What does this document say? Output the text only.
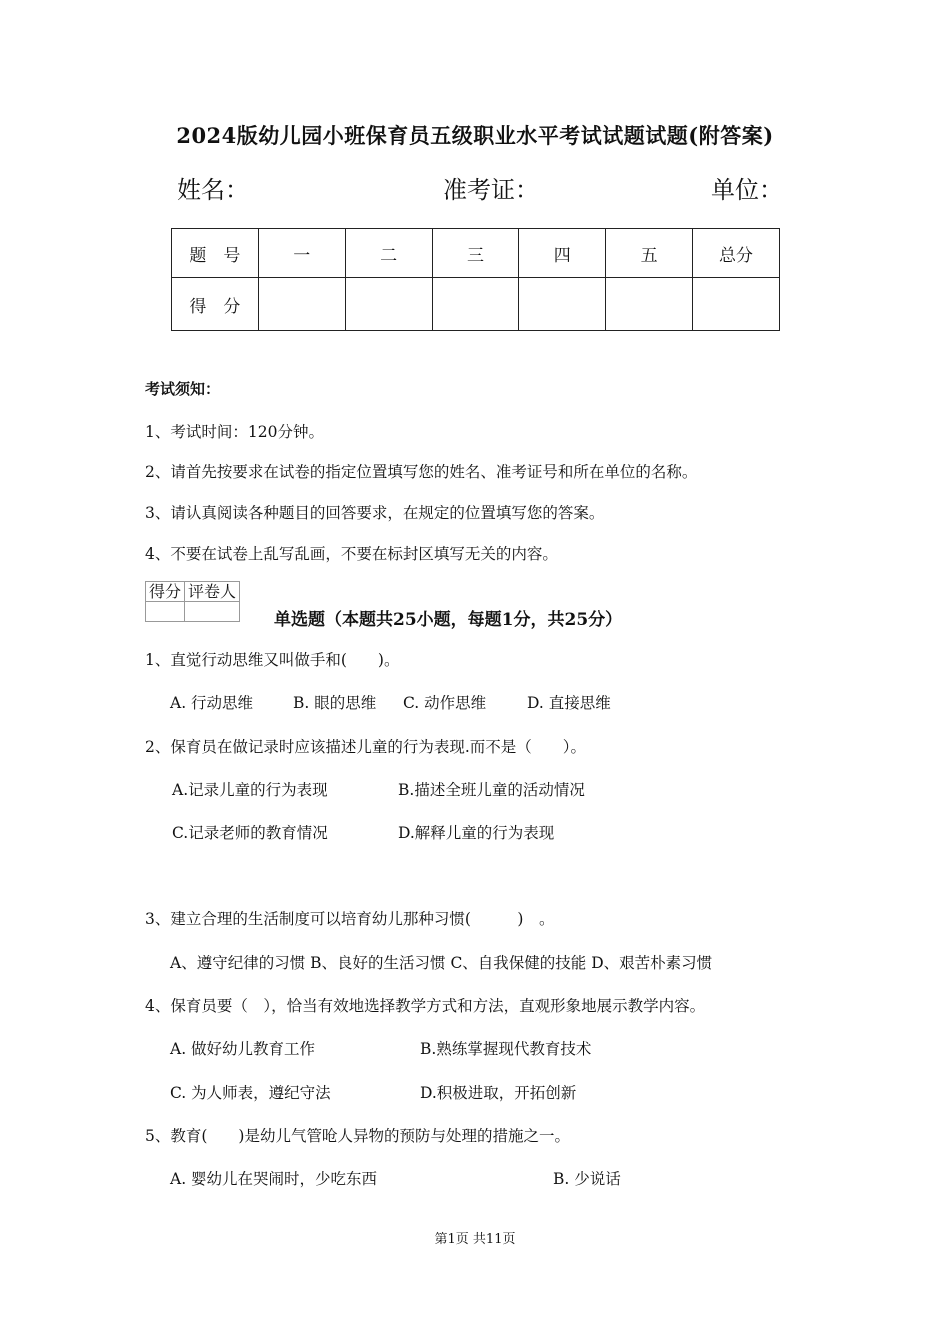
2024版幼儿园小班保育员五级职业水平考试试题试题(附答案)
姓名：	准考证：	单位：
题　号	一	二	三	四	五	总分
得　分						
考试须知：
1、考试时间：120分钟。
2、请首先按要求在试卷的指定位置填写您的姓名、准考证号和所在单位的名称。
3、请认真阅读各种题目的回答要求，在规定的位置填写您的答案。
4、不要在试卷上乱写乱画，不要在标封区填写无关的内容。
得分	评卷人

单选题（本题共25小题，每题1分，共25分）
1、直觉行动思维又叫做手和(　　)。
A. 行动思维	B. 眼的思维 C. 动作思维	D. 直接思维
2、保育员在做记录时应该描述儿童的行为表现.而不是（　　）。
A.记录儿童的行为表现	B.描述全班儿童的活动情况
C.记录老师的教育情况	D.解释儿童的行为表现
3、建立合理的生活制度可以培育幼儿那种习惯(　　　)　。
A、遵守纪律的习惯 B、良好的生活习惯 C、自我保健的技能 D、艰苦朴素习惯
4、保育员要（　），恰当有效地选择教学方式和方法，直观形象地展示教学内容。
A. 做好幼儿教育工作	B.熟练掌握现代教育技术
C. 为人师表，遵纪守法	D.积极进取，开拓创新
5、教育(　　)是幼儿气管呛人异物的预防与处理的措施之一。
A. 婴幼儿在哭闹时，少吃东西	B. 少说话
第1页 共11页
